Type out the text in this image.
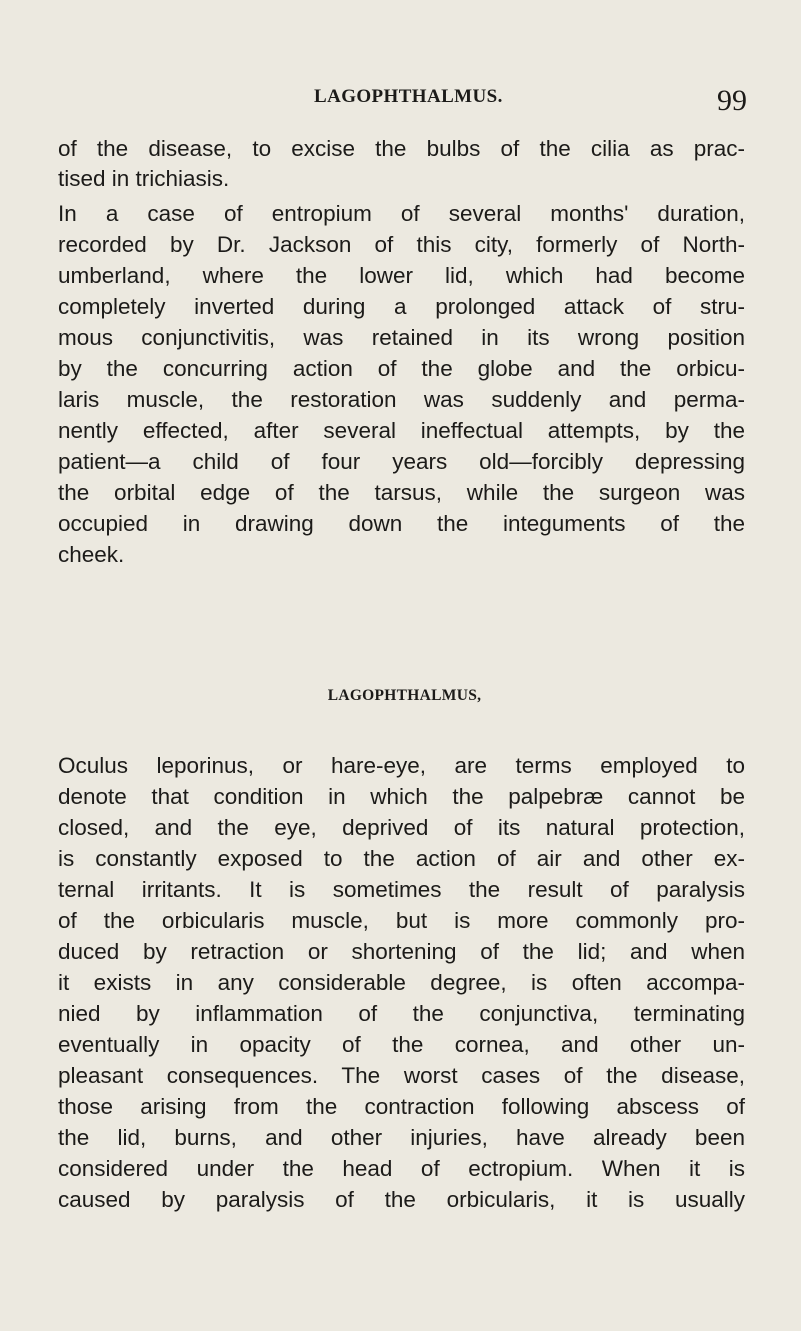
LAGOPHTHALMUS.	99
of the disease, to excise the bulbs of the cilia as prac-
tised in trichiasis.
In a case of entropium of several months' duration,
recorded by Dr. Jackson of this city, formerly of North-
umberland, where the lower lid, which had become
completely inverted during a prolonged attack of stru-
mous conjunctivitis, was retained in its wrong position
by the concurring action of the globe and the orbicu-
laris muscle, the restoration was suddenly and perma-
nently effected, after several ineffectual attempts, by the
patient—a child of four years old—forcibly depressing
the orbital edge of the tarsus, while the surgeon was
occupied in drawing down the integuments of the
cheek.
LAGOPHTHALMUS,
Oculus leporinus, or hare-eye, are terms employed to
denote that condition in which the palpebræ cannot be
closed, and the eye, deprived of its natural protection,
is constantly exposed to the action of air and other ex-
ternal irritants. It is sometimes the result of paralysis
of the orbicularis muscle, but is more commonly pro-
duced by retraction or shortening of the lid; and when
it exists in any considerable degree, is often accompa-
nied by inflammation of the conjunctiva, terminating
eventually in opacity of the cornea, and other un-
pleasant consequences. The worst cases of the disease,
those arising from the contraction following abscess of
the lid, burns, and other injuries, have already been
considered under the head of ectropium. When it is
caused by paralysis of the orbicularis, it is usually
